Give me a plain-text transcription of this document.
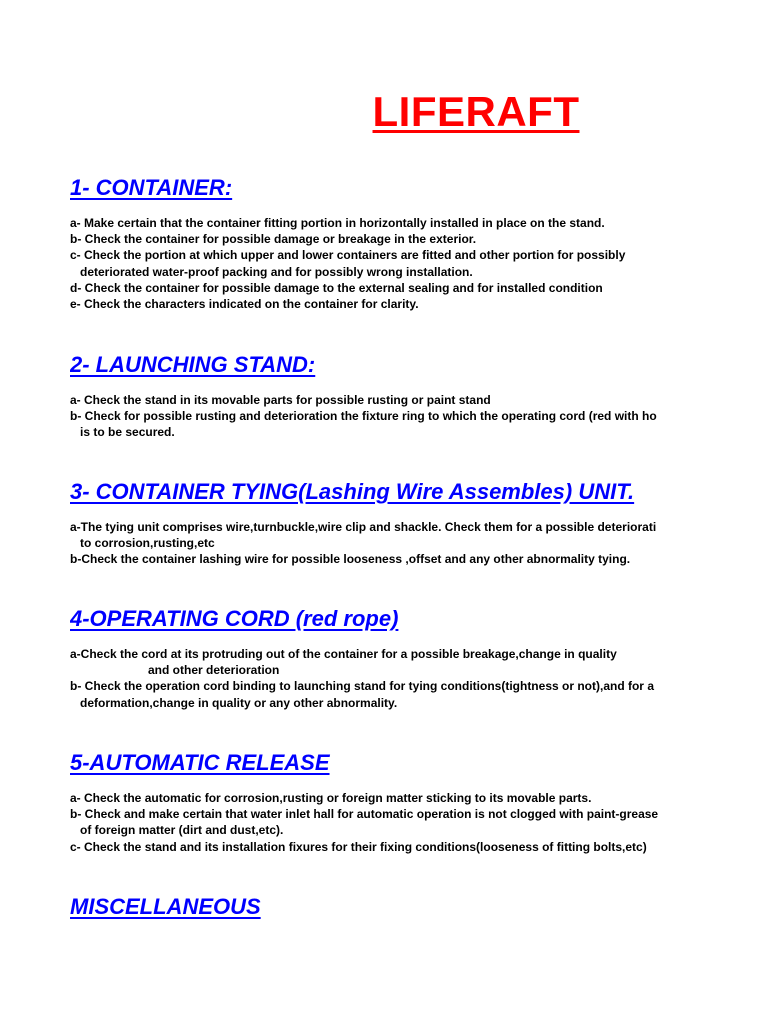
LIFERAFT
1- CONTAINER:
a- Make certain that the container fitting portion in horizontally installed in place on the stand.
b- Check the container for possible damage or breakage in the exterior.
c- Check the portion at which upper and lower containers are fitted and other portion for possibly
deteriorated water-proof packing and for possibly wrong installation.
d- Check the container for possible damage to the external sealing and for installed condition
e- Check the characters indicated on the container for clarity.
2- LAUNCHING STAND:
a- Check the stand in its movable parts for possible rusting or paint stand
b- Check for possible rusting and deterioration the fixture ring to which the operating cord (red with ho
is to be secured.
3- CONTAINER TYING(Lashing Wire Assembles) UNIT.
a-The tying unit comprises wire,turnbuckle,wire clip and shackle. Check them for a possible deteriorati
to corrosion,rusting,etc
b-Check the container lashing wire for possible looseness ,offset and any other abnormality tying.
4-OPERATING CORD (red rope)
a-Check the cord at its protruding out of the container for a possible breakage,change in quality
and other deterioration
b- Check the operation cord binding to launching stand for tying conditions(tightness or not),and for a
deformation,change in quality or any other abnormality.
5-AUTOMATIC RELEASE
a- Check the automatic for corrosion,rusting or foreign matter sticking to its movable parts.
b- Check and make certain that water inlet hall for automatic operation is not clogged with paint-grease
of foreign matter (dirt and dust,etc).
c- Check the stand and its installation fixures for their fixing conditions(looseness of fitting bolts,etc)
MISCELLANEOUS
